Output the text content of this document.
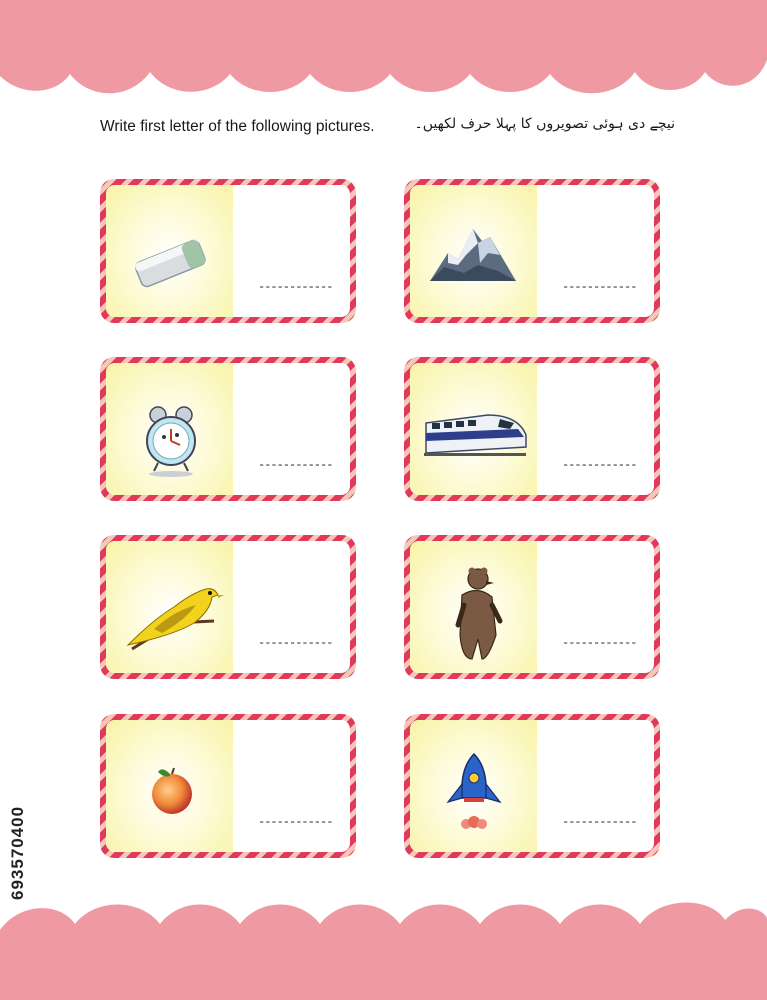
Write first letter of the following pictures.	نیچے دی ہوئی تصویروں کا پہلا حرف لکھیں۔
------------	------------
------------	------------
------------	------------
------------	------------
693570400
